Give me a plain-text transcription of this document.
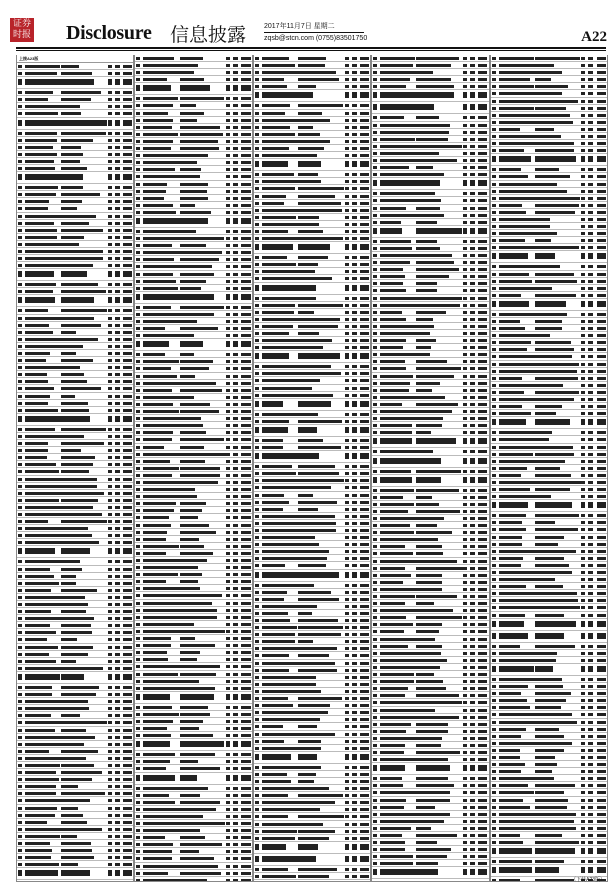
证券时报 Disclosure 信息披露	2017年11月7日 星期二
zqsb@stcn.com (0755)83501750	A22
上接A23版
（下转A23版）
